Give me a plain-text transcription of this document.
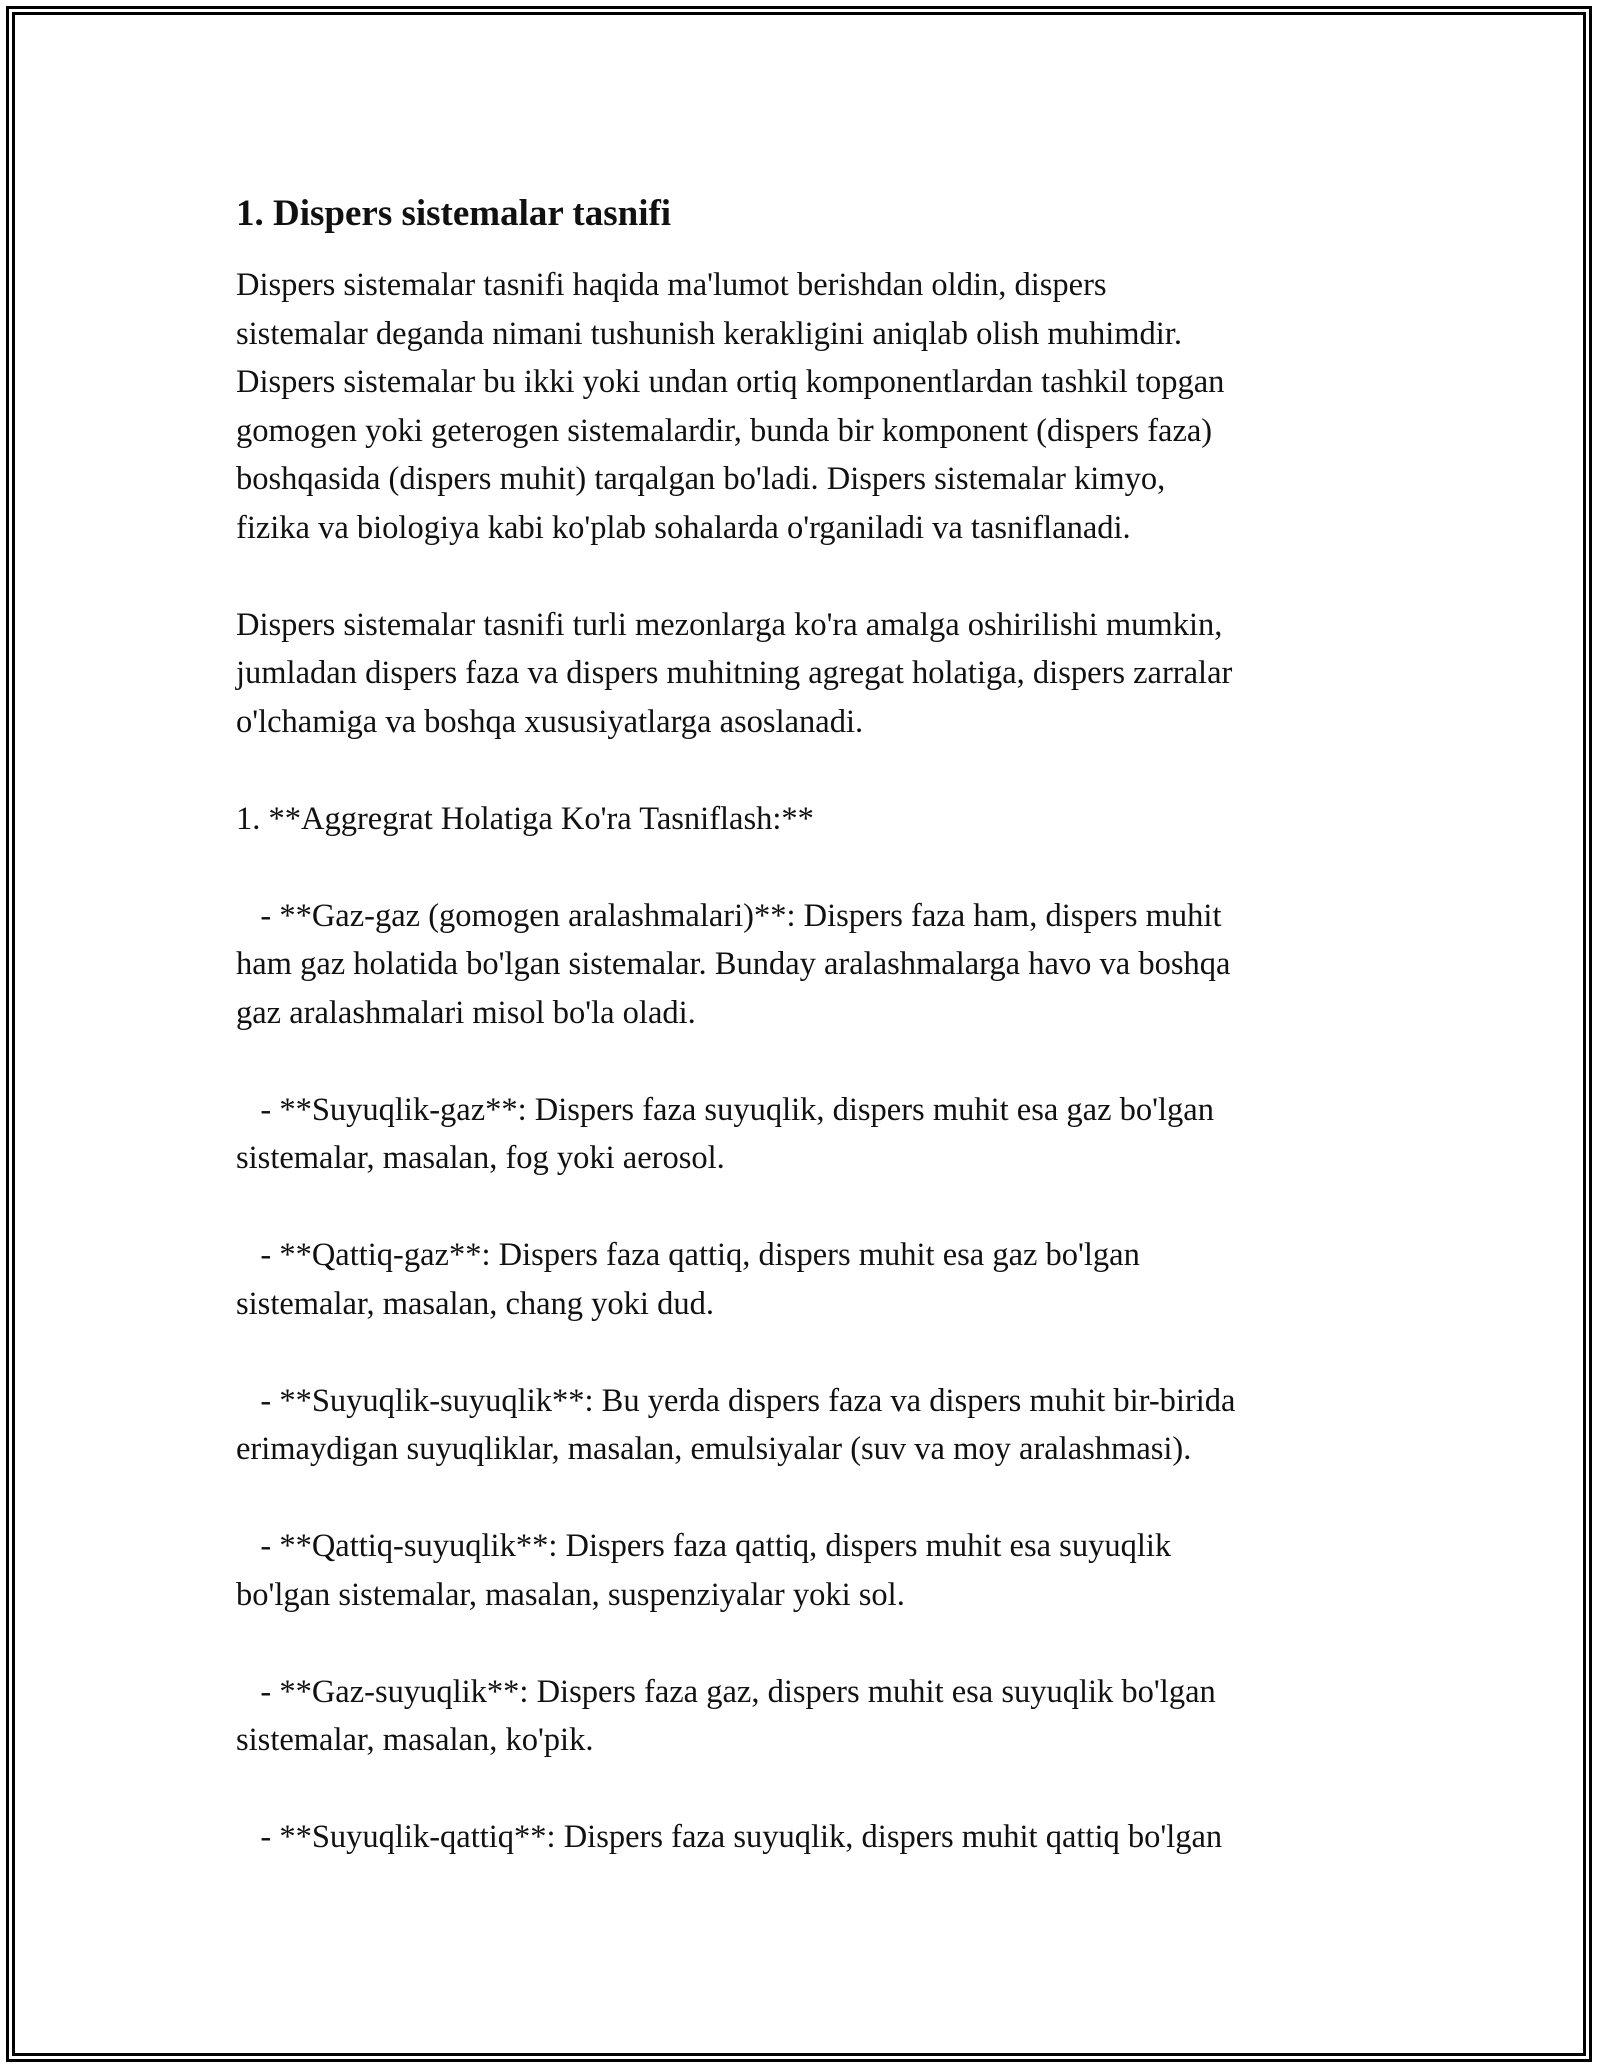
1. Dispers sistemalar tasnifi
Dispers sistemalar tasnifi haqida ma'lumot berishdan oldin, dispers
sistemalar deganda nimani tushunish kerakligini aniqlab olish muhimdir.
Dispers sistemalar bu ikki yoki undan ortiq komponentlardan tashkil topgan
gomogen yoki geterogen sistemalardir, bunda bir komponent (dispers faza)
boshqasida (dispers muhit) tarqalgan bo'ladi. Dispers sistemalar kimyo,
fizika va biologiya kabi ko'plab sohalarda o'rganiladi va tasniflanadi.
Dispers sistemalar tasnifi turli mezonlarga ko'ra amalga oshirilishi mumkin,
jumladan dispers faza va dispers muhitning agregat holatiga, dispers zarralar
o'lchamiga va boshqa xususiyatlarga asoslanadi.
1. **Aggregrat Holatiga Ko'ra Tasniflash:**
- **Gaz-gaz (gomogen aralashmalari)**: Dispers faza ham, dispers muhit
ham gaz holatida bo'lgan sistemalar. Bunday aralashmalarga havo va boshqa
gaz aralashmalari misol bo'la oladi.
- **Suyuqlik-gaz**: Dispers faza suyuqlik, dispers muhit esa gaz bo'lgan
sistemalar, masalan, fog yoki aerosol.
- **Qattiq-gaz**: Dispers faza qattiq, dispers muhit esa gaz bo'lgan
sistemalar, masalan, chang yoki dud.
- **Suyuqlik-suyuqlik**: Bu yerda dispers faza va dispers muhit bir-birida
erimaydigan suyuqliklar, masalan, emulsiyalar (suv va moy aralashmasi).
- **Qattiq-suyuqlik**: Dispers faza qattiq, dispers muhit esa suyuqlik
bo'lgan sistemalar, masalan, suspenziyalar yoki sol.
- **Gaz-suyuqlik**: Dispers faza gaz, dispers muhit esa suyuqlik bo'lgan
sistemalar, masalan, ko'pik.
- **Suyuqlik-qattiq**: Dispers faza suyuqlik, dispers muhit qattiq bo'lgan
